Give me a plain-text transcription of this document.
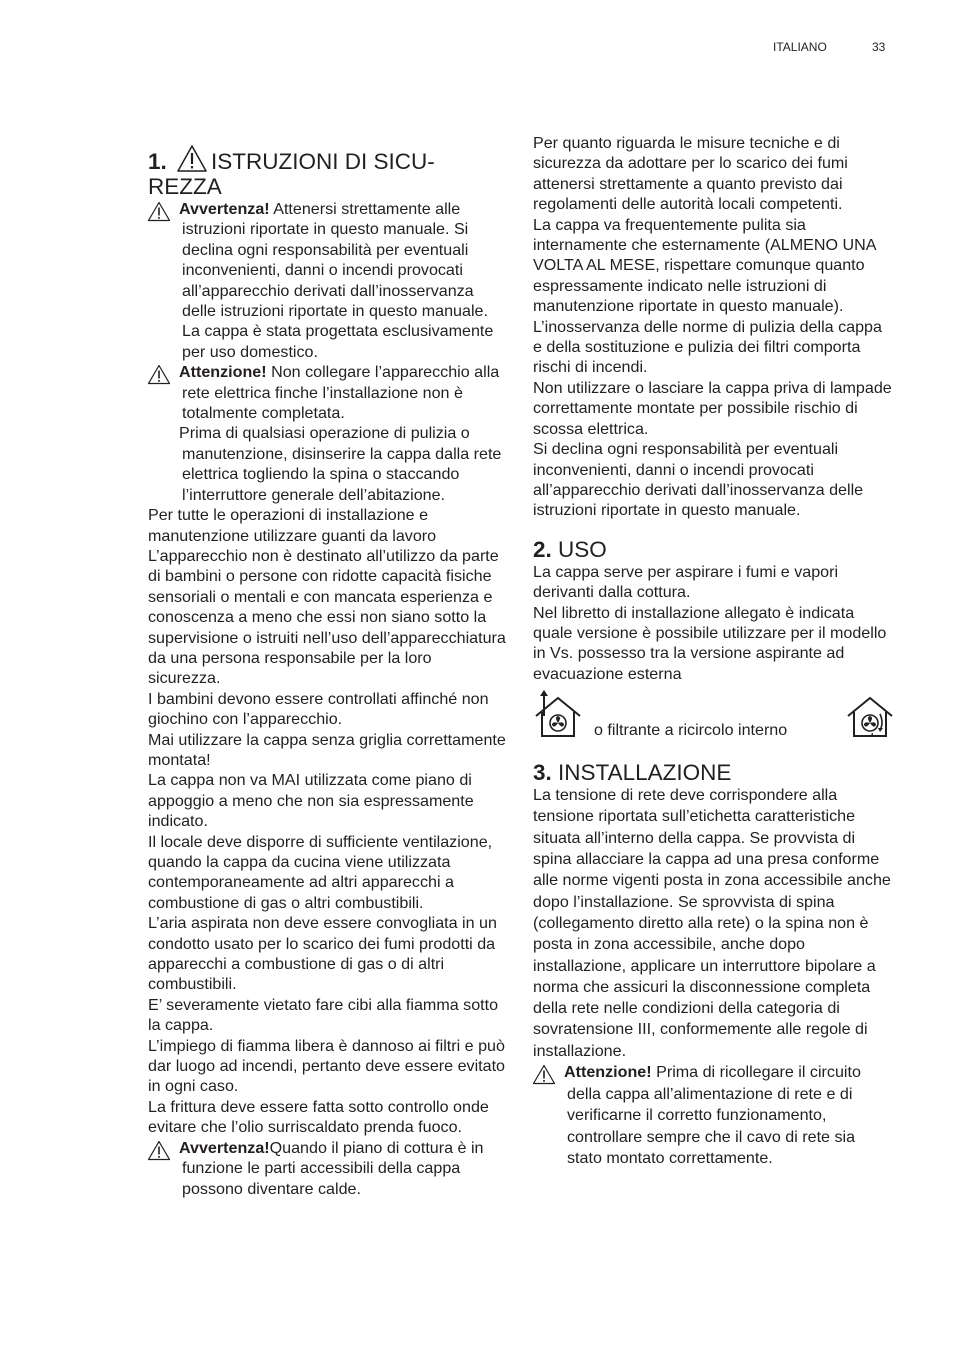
ITALIANO	33
1. ISTRUZIONI DI SICU-
REZZA

Avvertenza! Attenersi strettamente alle istruzioni riportate in questo manuale. Si declina ogni responsabilità per eventuali inconvenienti, danni o incendi provocati all’apparecchio derivati dall’inosservanza delle istruzioni riportate in questo manuale. La cappa è stata progettata esclusivamente per uso domestico.

Attenzione! Non collegare l’apparecchio alla rete elettrica finche l’installazione non è totalmente completata.

Prima di qualsiasi operazione di pulizia o manutenzione, disinserire la cappa dalla rete elettrica togliendo la spina o staccando l’interruttore generale dell’abitazione.

Per tutte le operazioni di installazione e manutenzione utilizzare guanti da lavoro

L’apparecchio non è destinato all’utilizzo da parte di bambini o persone con ridotte capacità fisiche sensoriali o mentali e con mancata esperienza e conoscenza a meno che essi non siano sotto la supervisione o istruiti nell’uso dell’apparecchiatura da una persona responsabile per la loro sicurezza.

I bambini devono essere controllati affinché non giochino con l’apparecchio.

Mai utilizzare la cappa senza griglia correttamente montata!

La cappa non va MAI utilizzata come piano di appoggio a meno che non sia espressamente indicato.

Il locale deve disporre di sufficiente ventilazione, quando la cappa da cucina viene utilizzata contemporaneamente ad altri apparecchi a combustione di gas o altri combustibili.

L’aria aspirata non deve essere convogliata in un condotto usato per lo scarico dei fumi prodotti da apparecchi a combustione di gas o di altri combustibili.

E’ severamente vietato fare cibi alla fiamma sotto la cappa.

L’impiego di fiamma libera è dannoso ai filtri e può dar luogo ad incendi, pertanto deve essere evitato in ogni caso.

La frittura deve essere fatta sotto controllo onde evitare che l’olio surriscaldato prenda fuoco.

Avvertenza!Quando il piano di cottura è in funzione le parti accessibili della cappa possono diventare calde.

Per quanto riguarda le misure tecniche e di sicurezza da adottare per lo scarico dei fumi attenersi strettamente a quanto previsto dai regolamenti delle autorità locali competenti.

La cappa va frequentemente pulita sia internamente che esternamente (ALMENO UNA VOLTA AL MESE, rispettare comunque quanto espressamente indicato nelle istruzioni di manutenzione riportate in questo manuale).

L’inosservanza delle norme di pulizia della cappa e della sostituzione e pulizia dei filtri comporta rischi di incendi.

Non utilizzare o lasciare la cappa priva di lampade correttamente montate per possibile rischio di scossa elettrica.

Si declina ogni responsabilità per eventuali inconvenienti, danni o incendi provocati all’apparecchio derivati dall’inosservanza delle istruzioni riportate in questo manuale.

2. USO

La cappa serve per aspirare i fumi e vapori derivanti dalla cottura.

Nel libretto di installazione allegato è indicata quale versione è possibile utilizzare per il modello in Vs. possesso tra la versione aspirante ad evacuazione esterna

o filtrante a ricircolo interno	.
3. INSTALLAZIONE

La tensione di rete deve corrispondere alla tensione riportata sull’etichetta caratteristiche situata all’interno della cappa. Se provvista di spina allacciare la cappa ad una presa conforme alle norme vigenti posta in zona accessibile anche dopo l’installazione. Se sprovvista di spina (collegamento diretto alla rete) o la spina non è posta in zona accessibile, anche dopo installazione, applicare un interruttore bipolare a norma che assicuri la disconnessione completa della rete nelle condizioni della categoria di sovratensione III, conformemente alle regole di installazione.

Attenzione! Prima di ricollegare il circuito della cappa all’alimentazione di rete e di verificarne il corretto funzionamento, controllare sempre che il cavo di rete sia stato montato correttamente.
